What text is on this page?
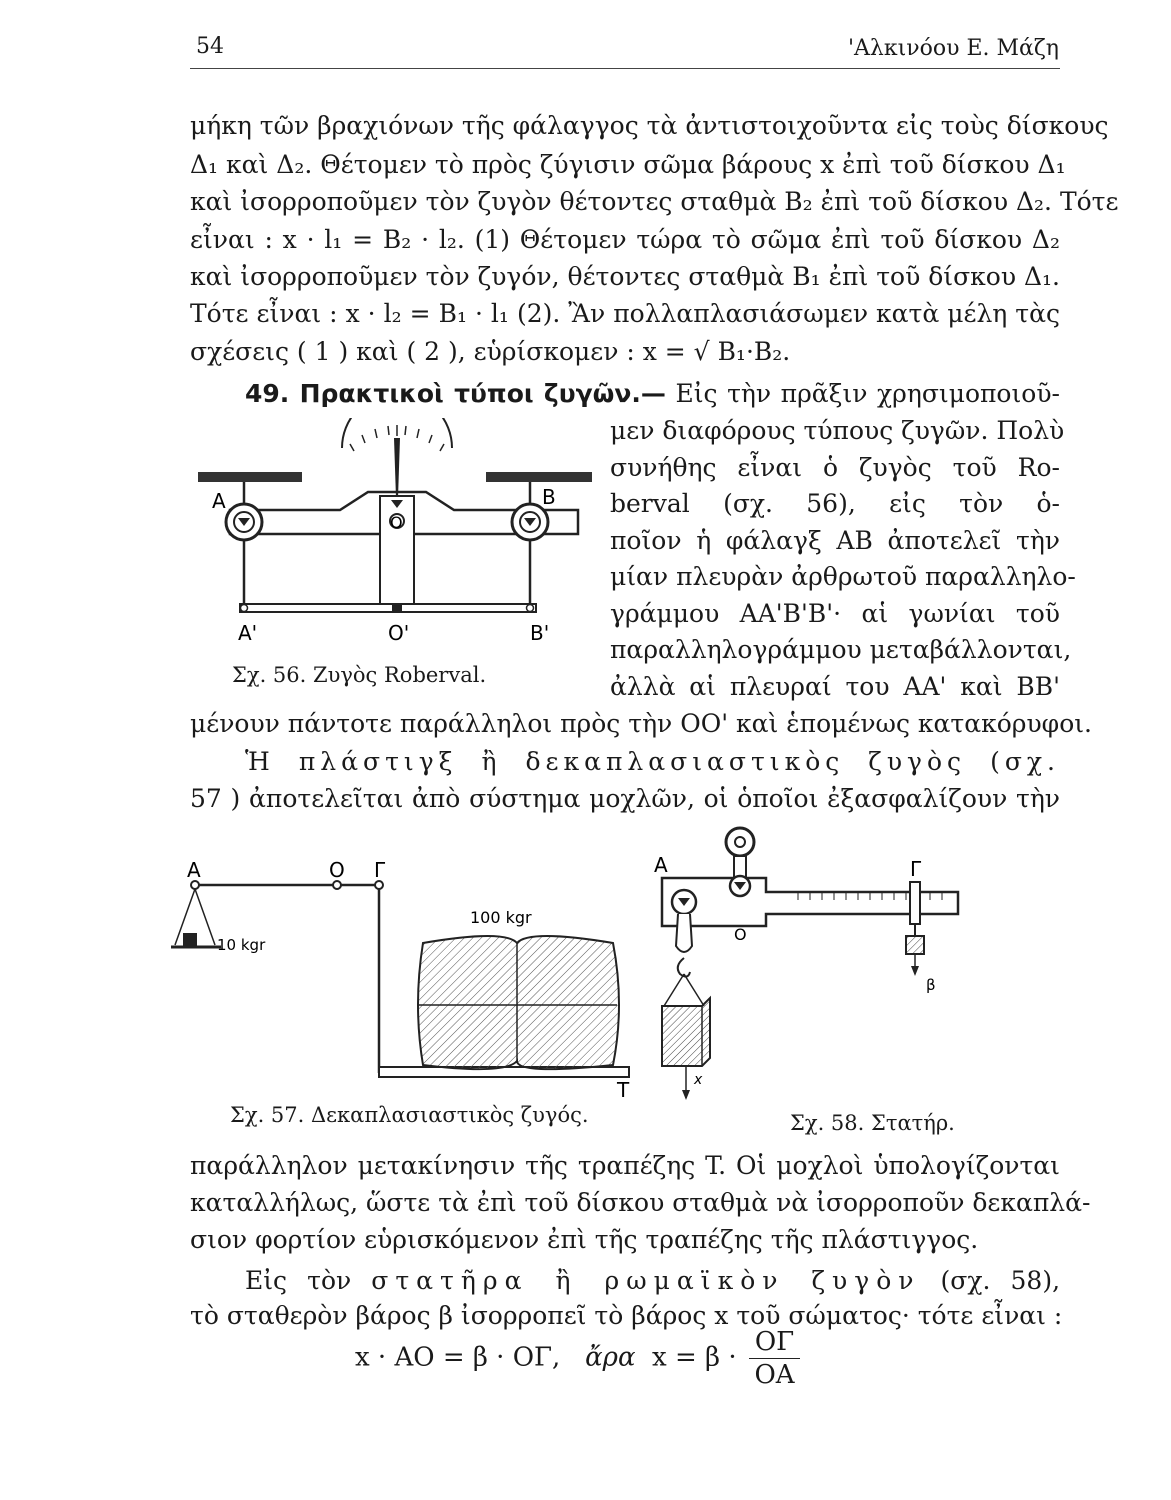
54	'Αλκινόου Ε. Μάζη
μήκη τῶν βραχιόνων τῆς φάλαγγος τὰ ἀντιστοιχοῦντα εἰς τοὺς δίσκους
Δ₁ καὶ Δ₂. Θέτομεν τὸ πρὸς ζύγισιν σῶμα βάρους x ἐπὶ τοῦ δίσκου Δ₁
καὶ ἰσορροποῦμεν τὸν ζυγὸν θέτοντες σταθμὰ B₂ ἐπὶ τοῦ δίσκου Δ₂. Τότε
εἶναι : x · l₁ = B₂ · l₂. (1) Θέτομεν τώρα τὸ σῶμα ἐπὶ τοῦ δίσκου Δ₂
καὶ ἰσορροποῦμεν τὸν ζυγόν, θέτοντες σταθμὰ B₁ ἐπὶ τοῦ δίσκου Δ₁.
Τότε εἶναι : x · l₂ = B₁ · l₁ (2). Ἂν πολλαπλασιάσωμεν κατὰ μέλη τὰς
σχέσεις ( 1 ) καὶ ( 2 ), εὑρίσκομεν : x = √ B₁·B₂.
49. Πρακτικοὶ τύποι ζυγῶν.— Εἰς τὴν πρᾶξιν χρησιμοποιοῦ-
μεν διαφόρους τύπους ζυγῶν. Πολὺ
συνήθης εἶναι ὁ ζυγὸς τοῦ Ro-
berval (σχ. 56), εἰς τὸν ὁ-
ποῖον ἡ φάλαγξ AB ἀποτελεῖ τὴν
μίαν πλευρὰν ἀρθρωτοῦ παραλληλο-
γράμμου AA'B'B'· αἱ γωνίαι τοῦ
παραλληλογράμμου μεταβάλλονται,
ἀλλὰ αἱ πλευραί του AA' καὶ BB'
μένουν πάντοτε παράλληλοι πρὸς τὴν OO' καὶ ἑπομένως κατακόρυφοι.
A	B
O
A'	O'	B'
Σχ. 56. Ζυγὸς Roberval.
Ἡ πλάστιγξ ἢ δεκαπλασιαστικὸς ζυγὸς (σχ.
57 ) ἀποτελεῖται ἀπὸ σύστημα μοχλῶν, οἱ ὁποῖοι ἐξασφαλίζουν τὴν
10 kgr
100 kgr
A	O Γ
T
Σχ. 57. Δεκαπλασιαστικὸς ζυγός.
x
A
O
Γ
β
Σχ. 58. Στατήρ.
παράλληλον μετακίνησιν τῆς τραπέζης T. Οἱ μοχλοὶ ὑπολογίζονται
καταλλήλως, ὥστε τὰ ἐπὶ τοῦ δίσκου σταθμὰ νὰ ἰσορροποῦν δεκαπλά-
σιον φορτίον εὑρισκόμενον ἐπὶ τῆς τραπέζης τῆς πλάστιγγος.
Εἰς τὸν στατῆρα ἢ ρωμαϊκὸν ζυγὸν (σχ. 58),
τὸ σταθερὸν βάρος β ἰσορροπεῖ τὸ βάρος x τοῦ σώματος· τότε εἶναι :
x · AO = β · OΓ, ἄρα $x = \beta \cdot \frac{O\Gamma}{OA}$
